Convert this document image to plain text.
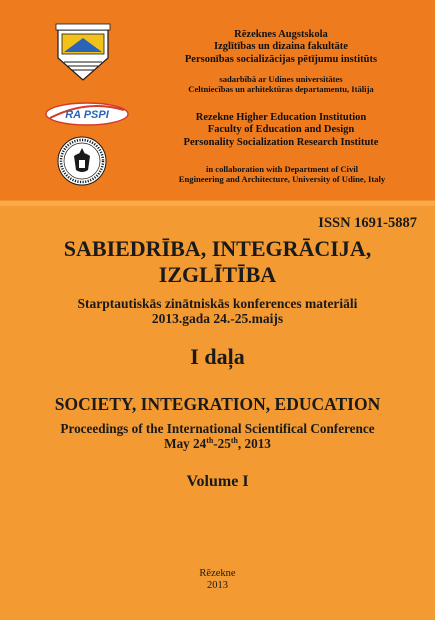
RA PSPI
Rēzeknes Augstskola
Izglītības un dizaina fakultāte
Personības socializācijas pētījumu institūts
sadarbībā ar Udines universitātes
Celtniecības un arhitektūras departamentu, Itālija
Rezekne Higher Education Institution
Faculty of Education and Design
Personality Socialization Research Institute
in collaboration with Department of Civil
Engineering and Architecture, University of Udine, Italy
ISSN 1691-5887
SABIEDRĪBA, INTEGRĀCIJA,
IZGLĪTĪBA
Starptautiskās zinātniskās konferences materiāli
2013.gada 24.-25.maijs
I daļa
SOCIETY, INTEGRATION, EDUCATION
Proceedings of the International Scientifical Conference
May 24th-25th, 2013
Volume I
Rēzekne
2013
